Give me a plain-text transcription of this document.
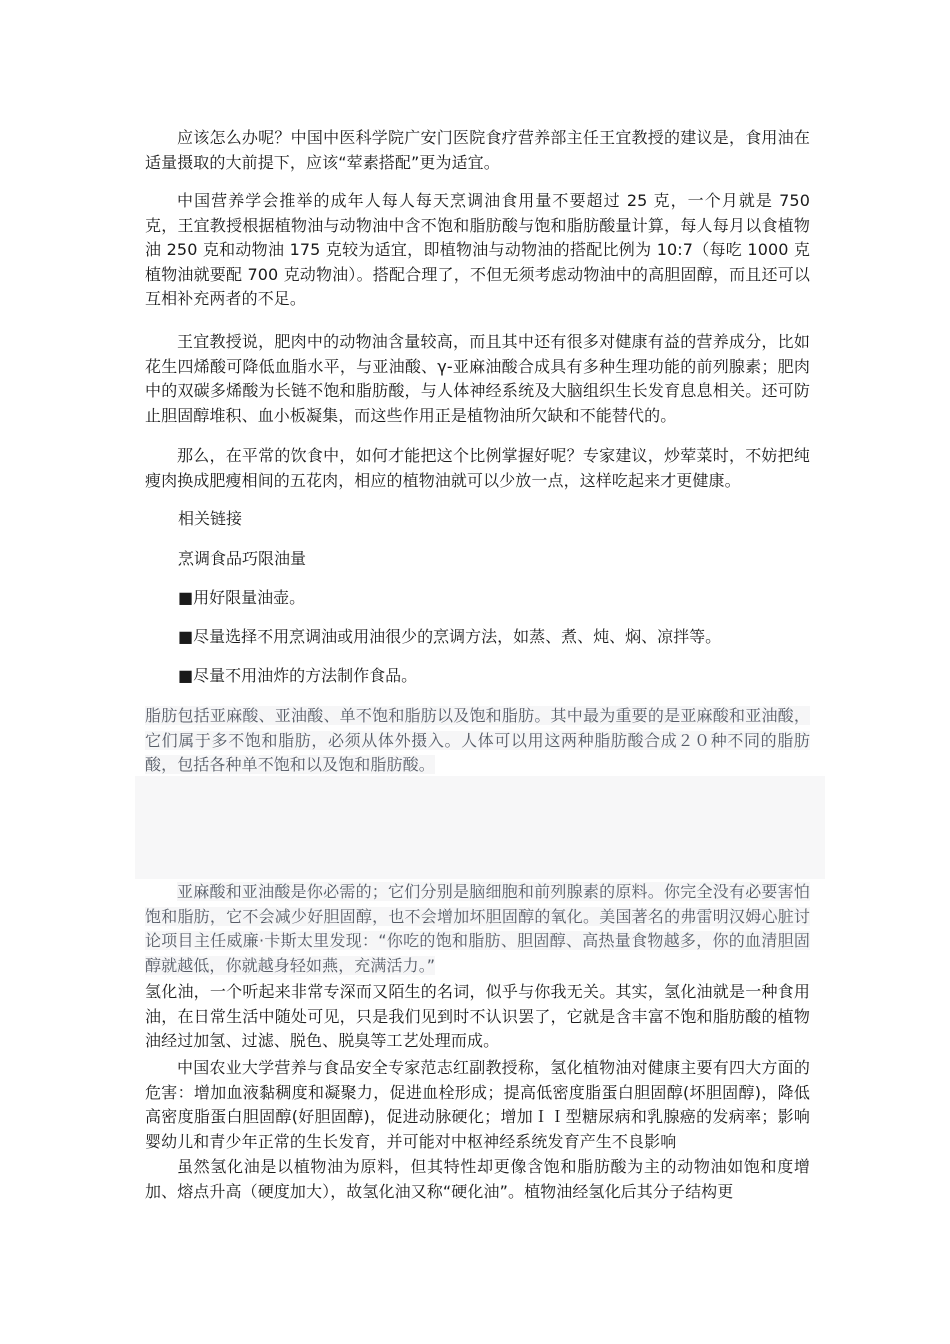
应该怎么办呢？中国中医科学院广安门医院食疗营养部主任王宜教授的建议是，食用油在适量摄取的大前提下，应该“荤素搭配”更为适宜。

中国营养学会推举的成年人每人每天烹调油食用量不要超过 25 克，一个月就是 750 克，王宜教授根据植物油与动物油中含不饱和脂肪酸与饱和脂肪酸量计算，每人每月以食植物油 250 克和动物油 175 克较为适宜，即植物油与动物油的搭配比例为 10:7（每吃 1000 克植物油就要配 700 克动物油）。搭配合理了，不但无须考虑动物油中的高胆固醇，而且还可以互相补充两者的不足。

王宜教授说，肥肉中的动物油含量较高，而且其中还有很多对健康有益的营养成分，比如花生四烯酸可降低血脂水平，与亚油酸、γ-亚麻油酸合成具有多种生理功能的前列腺素；肥肉中的双碳多烯酸为长链不饱和脂肪酸，与人体神经系统及大脑组织生长发育息息相关。还可防止胆固醇堆积、血小板凝集，而这些作用正是植物油所欠缺和不能替代的。

那么，在平常的饮食中，如何才能把这个比例掌握好呢？专家建议，炒荤菜时，不妨把纯瘦肉换成肥瘦相间的五花肉，相应的植物油就可以少放一点，这样吃起来才更健康。

相关链接

烹调食品巧限油量

■用好限量油壶。

■尽量选择不用烹调油或用油很少的烹调方法，如蒸、煮、炖、焖、凉拌等。

■尽量不用油炸的方法制作食品。

脂肪包括亚麻酸、亚油酸、单不饱和脂肪以及饱和脂肪。其中最为重要的是亚麻酸和亚油酸，它们属于多不饱和脂肪，必须从体外摄入。人体可以用这两种脂肪酸合成２０种不同的脂肪酸，包括各种单不饱和以及饱和脂肪酸。

亚麻酸和亚油酸是你必需的；它们分别是脑细胞和前列腺素的原料。你完全没有必要害怕饱和脂肪，它不会减少好胆固醇，也不会增加坏胆固醇的氧化。美国著名的弗雷明汉姆心脏讨论项目主任威廉·卡斯太里发现：“你吃的饱和脂肪、胆固醇、高热量食物越多，你的血清胆固醇就越低，你就越身轻如燕，充满活力。”

氢化油，一个听起来非常专深而又陌生的名词，似乎与你我无关。其实，氢化油就是一种食用油，在日常生活中随处可见，只是我们见到时不认识罢了，它就是含丰富不饱和脂肪酸的植物油经过加氢、过滤、脱色、脱臭等工艺处理而成。

中国农业大学营养与食品安全专家范志红副教授称，氢化植物油对健康主要有四大方面的危害：增加血液黏稠度和凝聚力，促进血栓形成；提高低密度脂蛋白胆固醇(坏胆固醇)，降低高密度脂蛋白胆固醇(好胆固醇)，促进动脉硬化；增加ＩＩ型糖尿病和乳腺癌的发病率；影响婴幼儿和青少年正常的生长发育，并可能对中枢神经系统发育产生不良影响

虽然氢化油是以植物油为原料，但其特性却更像含饱和脂肪酸为主的动物油如饱和度增加、熔点升高（硬度加大），故氢化油又称“硬化油”。植物油经氢化后其分子结构更
